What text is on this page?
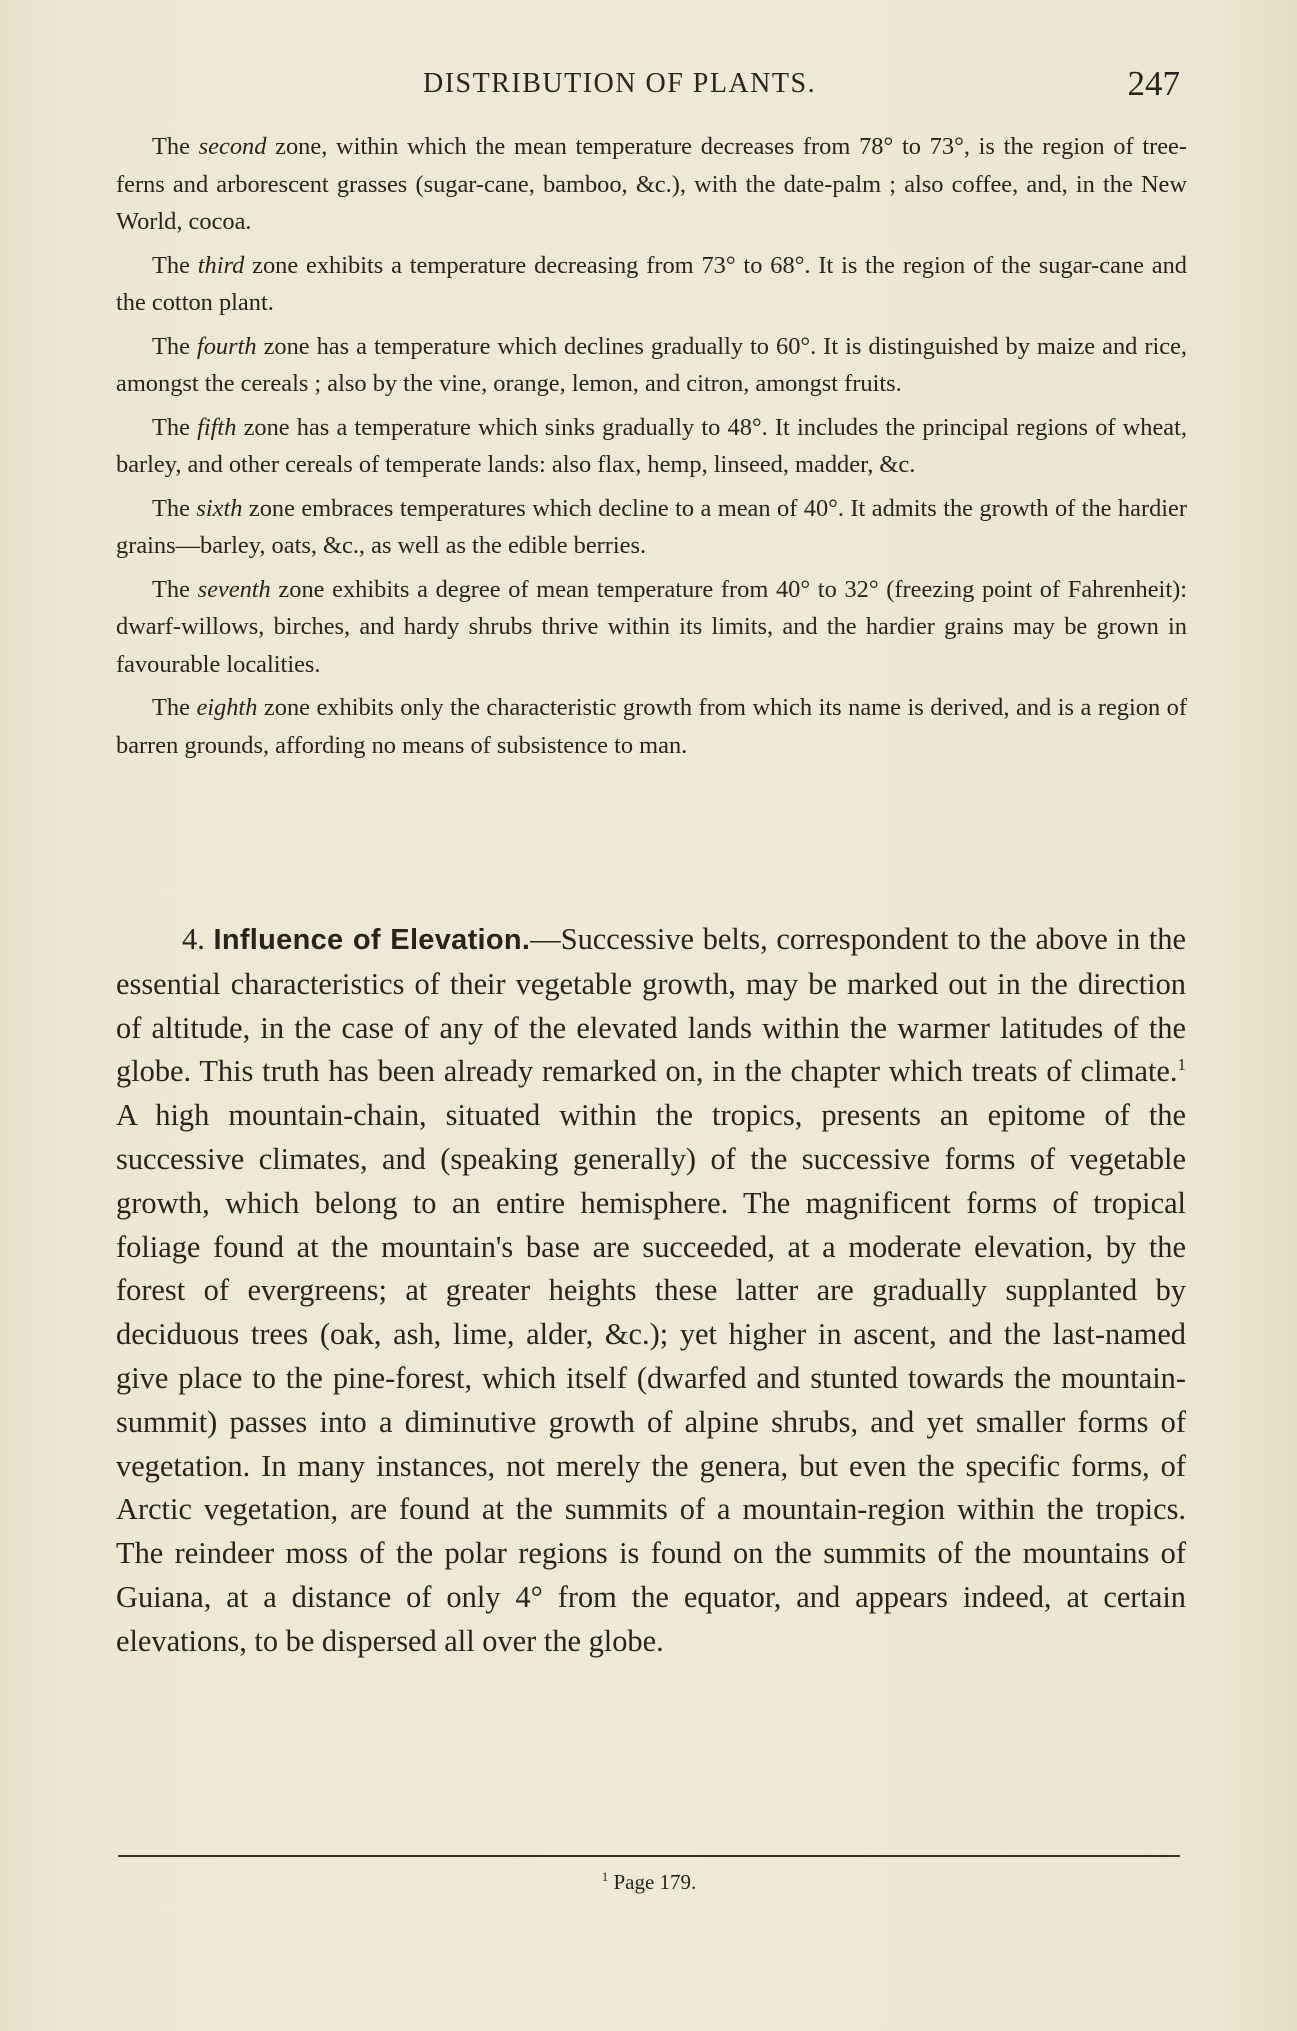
DISTRIBUTION OF PLANTS.	247

The second zone, within which the mean temperature decreases from 78° to 73°, is the region of tree-ferns and arborescent grasses (sugar-cane, bamboo, &c.), with the date-palm ; also coffee, and, in the New World, cocoa.

The third zone exhibits a temperature decreasing from 73° to 68°. It is the region of the sugar-cane and the cotton plant.

The fourth zone has a temperature which declines gradually to 60°. It is distinguished by maize and rice, amongst the cereals ; also by the vine, orange, lemon, and citron, amongst fruits.

The fifth zone has a temperature which sinks gradually to 48°. It includes the principal regions of wheat, barley, and other cereals of temperate lands: also flax, hemp, linseed, madder, &c.

The sixth zone embraces temperatures which decline to a mean of 40°. It admits the growth of the hardier grains—barley, oats, &c., as well as the edible berries.

The seventh zone exhibits a degree of mean temperature from 40° to 32° (freezing point of Fahrenheit): dwarf-willows, birches, and hardy shrubs thrive within its limits, and the hardier grains may be grown in favourable localities.

The eighth zone exhibits only the characteristic growth from which its name is derived, and is a region of barren grounds, affording no means of subsistence to man.

4. Influence of Elevation.—Successive belts, correspondent to the above in the essential characteristics of their vegetable growth, may be marked out in the direction of altitude, in the case of any of the elevated lands within the warmer latitudes of the globe. This truth has been already remarked on, in the chapter which treats of climate.$^1$ A high mountain-chain, situated within the tropics, presents an epitome of the successive climates, and (speaking generally) of the successive forms of vegetable growth, which belong to an entire hemisphere. The magnificent forms of tropical foliage found at the mountain's base are succeeded, at a moderate elevation, by the forest of evergreens; at greater heights these latter are gradually supplanted by deciduous trees (oak, ash, lime, alder, &c.); yet higher in ascent, and the last-named give place to the pine-forest, which itself (dwarfed and stunted towards the mountain-summit) passes into a diminutive growth of alpine shrubs, and yet smaller forms of vegetation. In many instances, not merely the genera, but even the specific forms, of Arctic vegetation, are found at the summits of a mountain-region within the tropics. The reindeer moss of the polar regions is found on the summits of the mountains of Guiana, at a distance of only 4° from the equator, and appears indeed, at certain elevations, to be dispersed all over the globe.

$^1$ Page 179.
